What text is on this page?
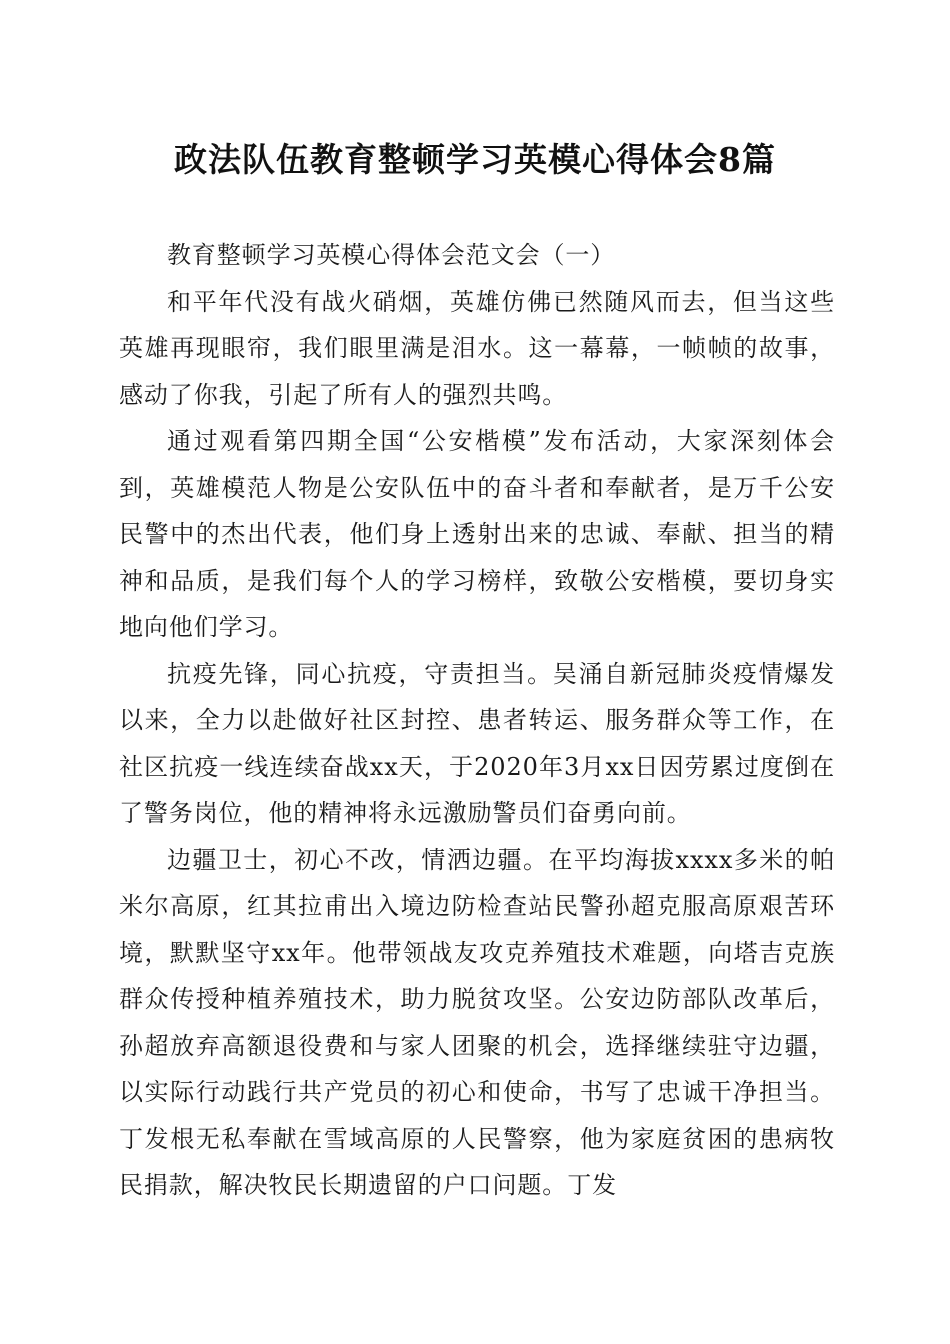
政法队伍教育整顿学习英模心得体会8篇

教育整顿学习英模心得体会范文会（一）

和平年代没有战火硝烟，英雄仿佛已然随风而去，但当这些英雄再现眼帘，我们眼里满是泪水。这一幕幕，一帧帧的故事，感动了你我，引起了所有人的强烈共鸣。

通过观看第四期全国“公安楷模”发布活动，大家深刻体会到，英雄模范人物是公安队伍中的奋斗者和奉献者，是万千公安民警中的杰出代表，他们身上透射出来的忠诚、奉献、担当的精神和品质，是我们每个人的学习榜样，致敬公安楷模，要切身实地向他们学习。

抗疫先锋，同心抗疫，守责担当。吴涌自新冠肺炎疫情爆发以来，全力以赴做好社区封控、患者转运、服务群众等工作，在社区抗疫一线连续奋战xx天，于2020年3月xx日因劳累过度倒在了警务岗位，他的精神将永远激励警员们奋勇向前。

边疆卫士，初心不改，情洒边疆。在平均海拔xxxx多米的帕米尔高原，红其拉甫出入境边防检查站民警孙超克服高原艰苦环境，默默坚守xx年。他带领战友攻克养殖技术难题，向塔吉克族群众传授种植养殖技术，助力脱贫攻坚。公安边防部队改革后，孙超放弃高额退役费和与家人团聚的机会，选择继续驻守边疆，以实际行动践行共产党员的初心和使命，书写了忠诚干净担当。丁发根无私奉献在雪域高原的人民警察，他为家庭贫困的患病牧民捐款，解决牧民长期遗留的户口问题。丁发
